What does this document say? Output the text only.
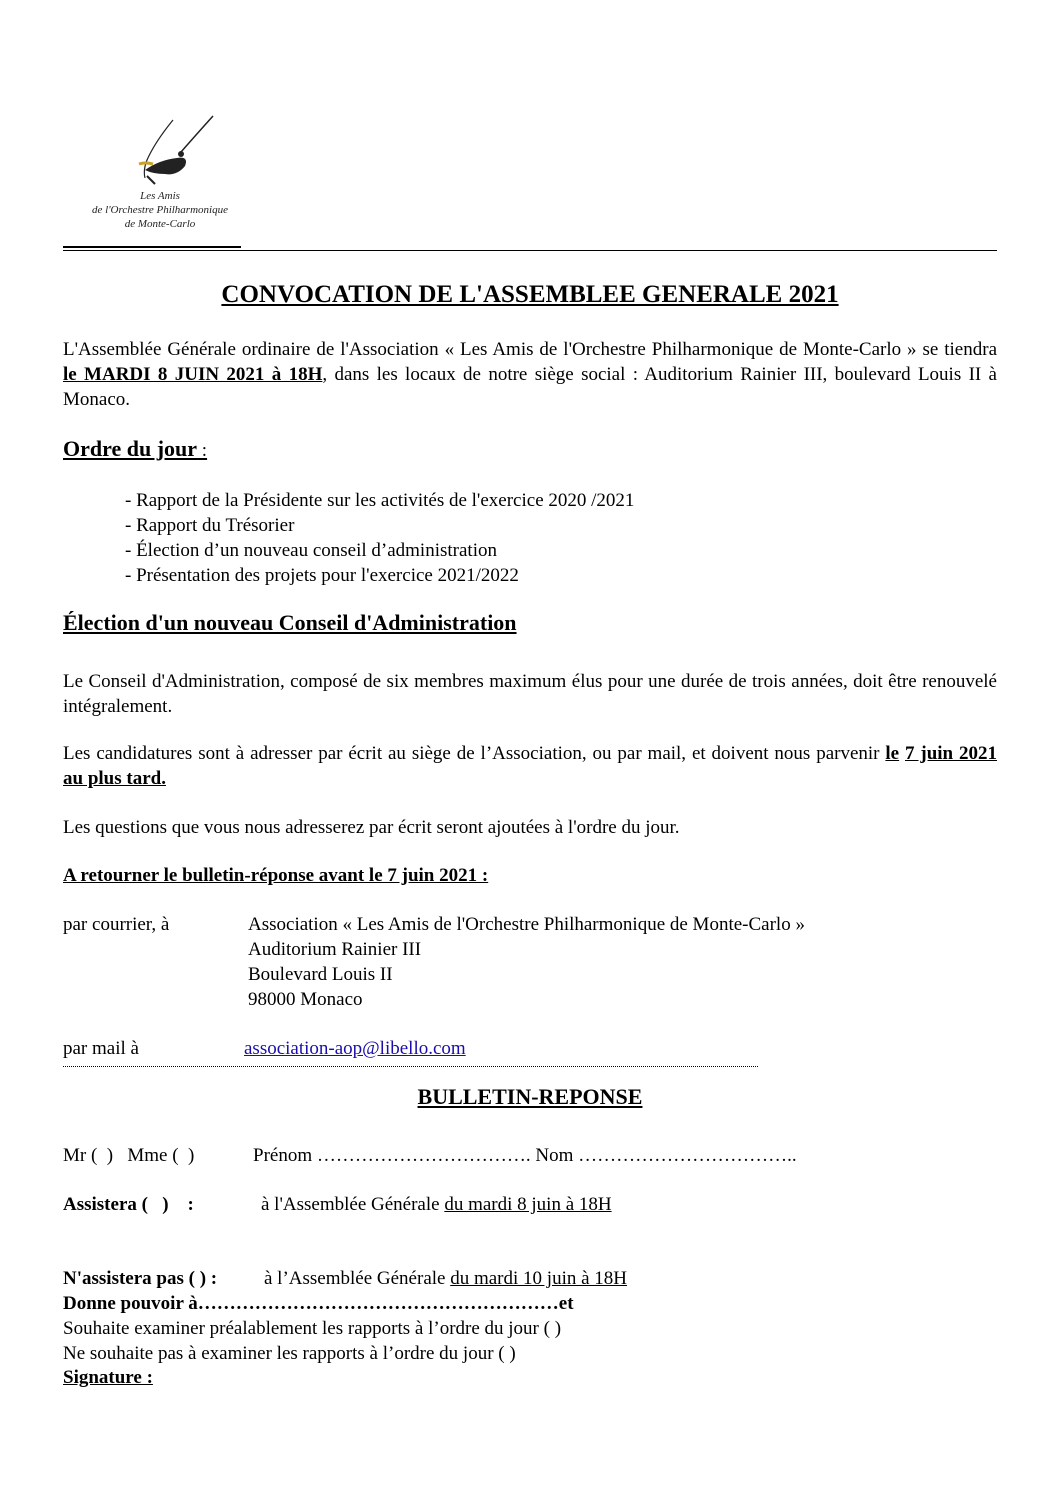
Les Amis
de l'Orchestre Philharmonique
de Monte-Carlo
CONVOCATION DE L'ASSEMBLEE GENERALE 2021
L'Assemblée Générale ordinaire de l'Association « Les Amis de l'Orchestre Philharmonique de Monte-Carlo » se tiendra le MARDI 8 JUIN 2021 à 18H, dans les locaux de notre siège social : Auditorium Rainier III, boulevard Louis II à Monaco.
Ordre du jour :
- Rapport de la Présidente sur les activités de l'exercice 2020 /2021
- Rapport du Trésorier
- Élection d’un nouveau conseil d’administration
- Présentation des projets pour l'exercice 2021/2022
Élection d'un nouveau Conseil d'Administration
Le Conseil d'Administration, composé de six membres maximum élus pour une durée de trois années, doit être renouvelé intégralement.
Les candidatures sont à adresser par écrit au siège de l’Association, ou par mail, et doivent nous parvenir le 7 juin 2021 au plus tard.
Les questions que vous nous adresserez par écrit seront ajoutées à l'ordre du jour.
A retourner le bulletin-réponse avant le 7 juin 2021 :
par courrier, à	Association « Les Amis de l'Orchestre Philharmonique de Monte-Carlo »
Auditorium Rainier III
Boulevard Louis II
98000 Monaco
par mail à	association-aop@libello.com
BULLETIN-REPONSE
Mr (  )   Mme (  )	Prénom ……………………………. Nom ……………………………..
Assistera (   )    :	à l'Assemblée Générale du mardi 8 juin à 18H
N'assistera pas ( ) : à l’Assemblée Générale du mardi 10 juin à 18H
Donne pouvoir à…………………………………………………et
Souhaite examiner préalablement les rapports à l’ordre du jour ( )
Ne souhaite pas à examiner les rapports à l’ordre du jour ( )
Signature :
